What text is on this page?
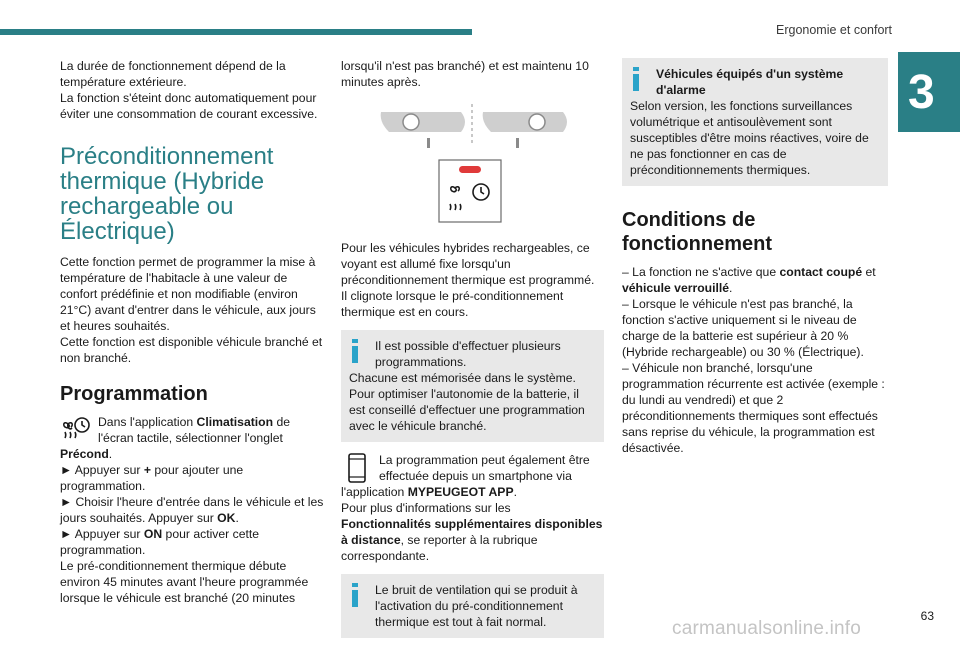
Ergonomie et confort
3

La durée de fonctionnement dépend de la température extérieure.

La fonction s'éteint donc automatiquement pour éviter une consommation de courant excessive.

Préconditionnement thermique (Hybride rechargeable ou Électrique)

Cette fonction permet de programmer la mise à température de l'habitacle à une valeur de confort prédéfinie et non modifiable (environ 21°C) avant d'entrer dans le véhicule, aux jours et heures souhaités.

Cette fonction est disponible véhicule branché et non branché.

Programmation

Dans l'application Climatisation de l'écran tactile, sélectionner l'onglet Précond.

► Appuyer sur + pour ajouter une programmation.

► Choisir l'heure d'entrée dans le véhicule et les jours souhaités. Appuyer sur OK.

► Appuyer sur ON pour activer cette programmation.

Le pré-conditionnement thermique débute environ 45 minutes avant l'heure programmée lorsque le véhicule est branché (20 minutes

lorsqu'il n'est pas branché) et est maintenu 10 minutes après.

Pour les véhicules hybrides rechargeables, ce voyant est allumé fixe lorsqu'un préconditionnement thermique est programmé.

Il clignote lorsque le pré-conditionnement thermique est en cours.

Il est possible d'effectuer plusieurs programmations.

Chacune est mémorisée dans le système.

Pour optimiser l'autonomie de la batterie, il est conseillé d'effectuer une programmation avec le véhicule branché.

La programmation peut également être effectuée depuis un smartphone via l'application MYPEUGEOT APP.

Pour plus d'informations sur les Fonctionnalités supplémentaires disponibles à distance, se reporter à la rubrique correspondante.

Le bruit de ventilation qui se produit à l'activation du pré-conditionnement thermique est tout à fait normal.

Véhicules équipés d'un système d'alarme

Selon version, les fonctions surveillances volumétrique et antisoulèvement sont susceptibles d'être moins réactives, voire de ne pas fonctionner en cas de préconditionnements thermiques.

Conditions de fonctionnement

– La fonction ne s'active que contact coupé et véhicule verrouillé.

– Lorsque le véhicule n'est pas branché, la fonction s'active uniquement si le niveau de charge de la batterie est supérieur à 20 % (Hybride rechargeable) ou 30 % (Électrique).

– Véhicule non branché, lorsqu'une programmation récurrente est activée (exemple : du lundi au vendredi) et que 2 préconditionnements thermiques sont effectués sans reprise du véhicule, la programmation est désactivée.

63
carmanualsonline.info
